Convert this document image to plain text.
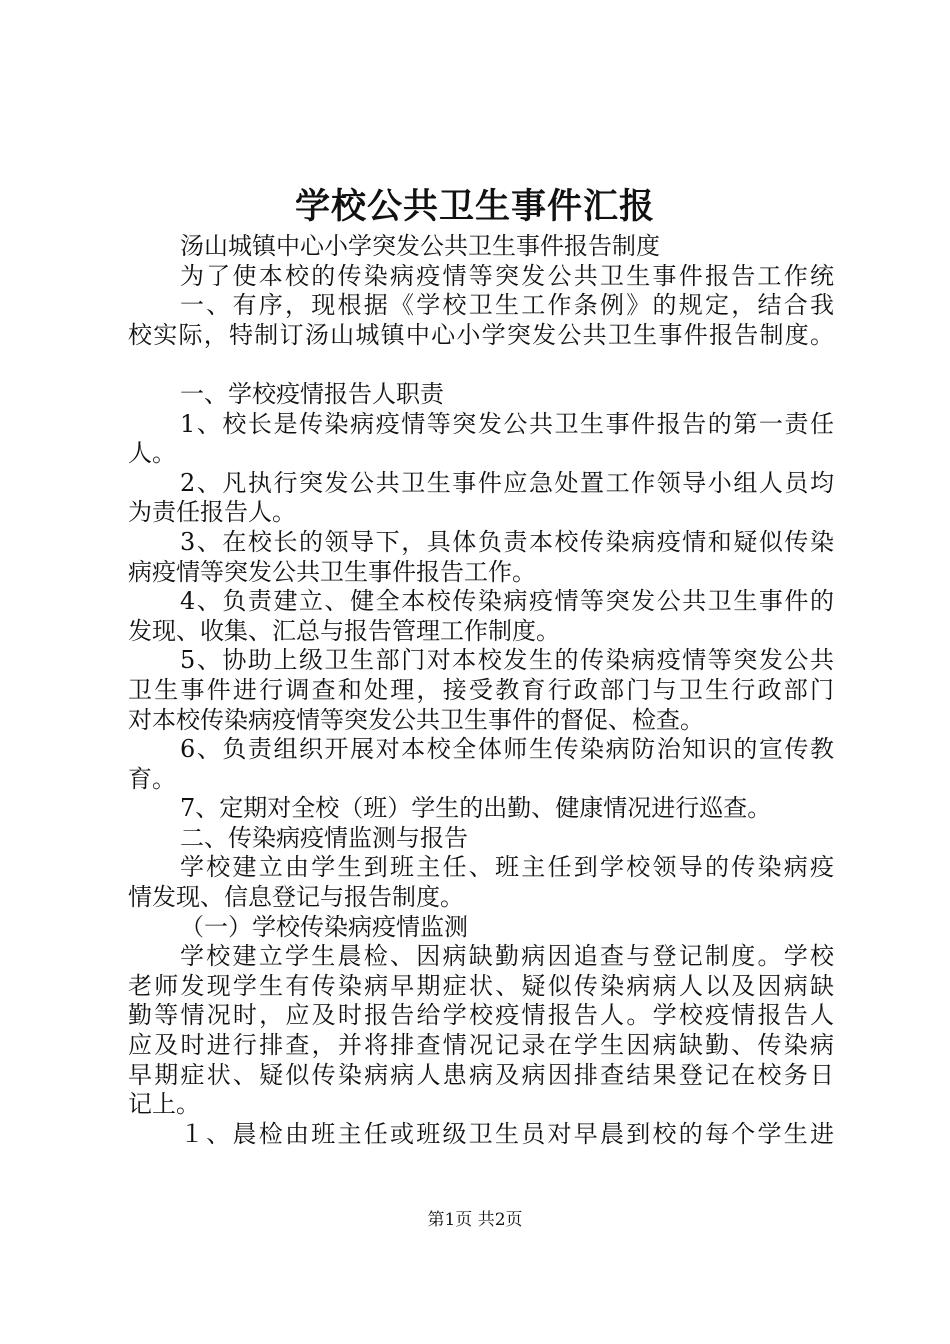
学校公共卫生事件汇报
汤山城镇中心小学突发公共卫生事件报告制度
为了使本校的传染病疫情等突发公共卫生事件报告工作统
一、有序，现根据《学校卫生工作条例》的规定，结合我
校实际，特制订汤山城镇中心小学突发公共卫生事件报告制度。
一、学校疫情报告人职责
1、校长是传染病疫情等突发公共卫生事件报告的第一责任
人。
2、凡执行突发公共卫生事件应急处置工作领导小组人员均
为责任报告人。
3、在校长的领导下，具体负责本校传染病疫情和疑似传染
病疫情等突发公共卫生事件报告工作。
4、负责建立、健全本校传染病疫情等突发公共卫生事件的
发现、收集、汇总与报告管理工作制度。
5、协助上级卫生部门对本校发生的传染病疫情等突发公共
卫生事件进行调查和处理，接受教育行政部门与卫生行政部门
对本校传染病疫情等突发公共卫生事件的督促、检查。
6、负责组织开展对本校全体师生传染病防治知识的宣传教
育。
7、定期对全校（班）学生的出勤、健康情况进行巡查。
二、传染病疫情监测与报告
学校建立由学生到班主任、班主任到学校领导的传染病疫
情发现、信息登记与报告制度。
（一）学校传染病疫情监测
学校建立学生晨检、因病缺勤病因追查与登记制度。学校
老师发现学生有传染病早期症状、疑似传染病病人以及因病缺
勤等情况时，应及时报告给学校疫情报告人。学校疫情报告人
应及时进行排查，并将排查情况记录在学生因病缺勤、传染病
早期症状、疑似传染病病人患病及病因排查结果登记在校务日
记上。
１、晨检由班主任或班级卫生员对早晨到校的每个学生进
第1页 共2页
